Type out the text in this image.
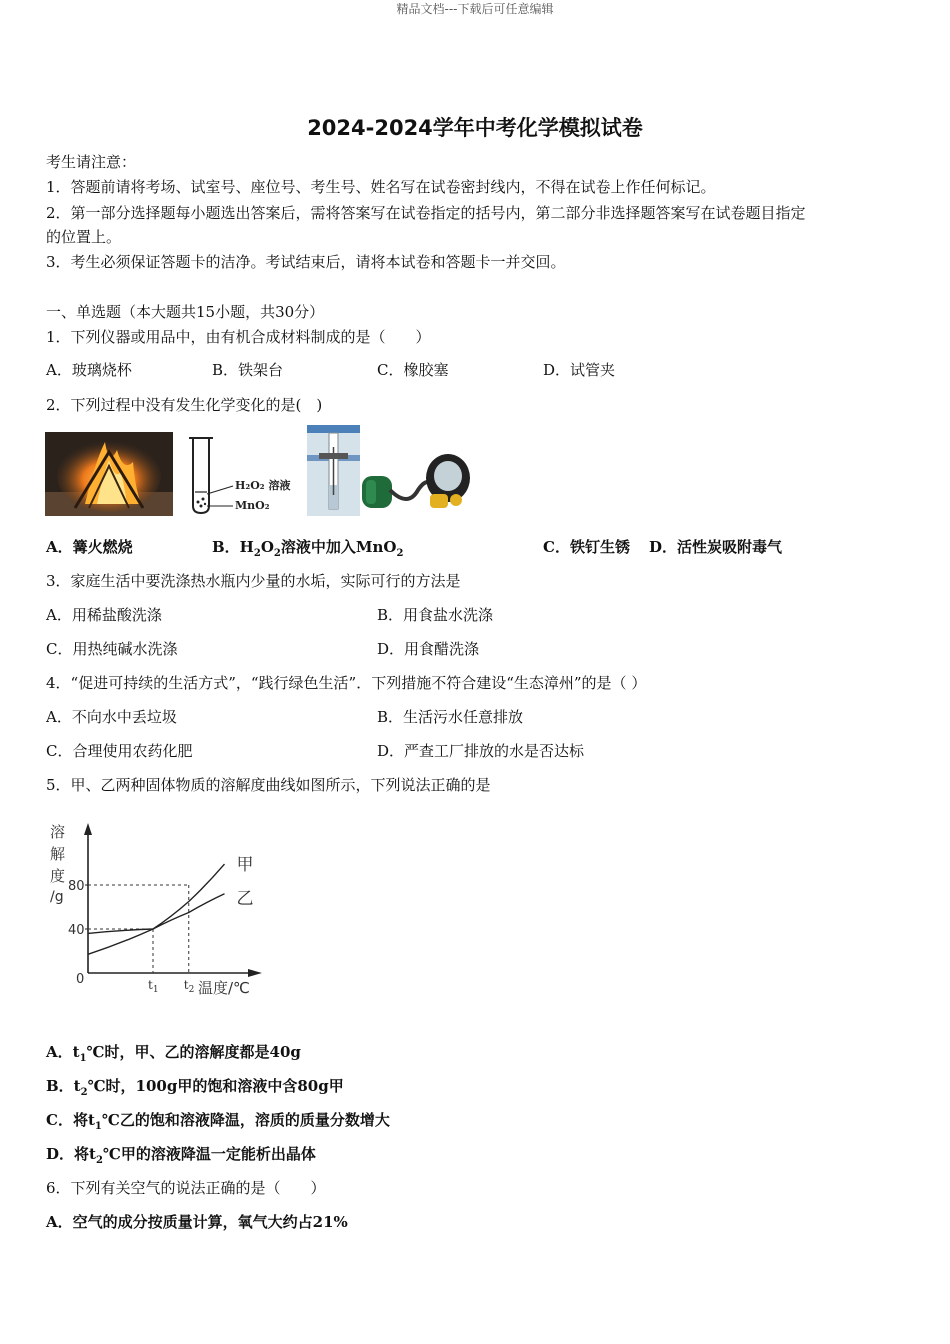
精品文档---下载后可任意编辑
2024-2024学年中考化学模拟试卷
考生请注意：
1．答题前请将考场、试室号、座位号、考生号、姓名写在试卷密封线内，不得在试卷上作任何标记。
2．第一部分选择题每小题选出答案后，需将答案写在试卷指定的括号内，第二部分非选择题答案写在试卷题目指定
的位置上。
3．考生必须保证答题卡的洁净。考试结束后，请将本试卷和答题卡一并交回。
一、单选题（本大题共15小题，共30分）
1．下列仪器或用品中，由有机合成材料制成的是（　　）
A．玻璃烧杯	B．铁架台	C．橡胶塞	D．试管夹
2．下列过程中没有发生化学变化的是(　)
H₂O₂ 溶液
MnO₂
A．篝火燃烧	B．$H_2O_2$溶液中加入MnO$_2$	C．铁钉生锈 D．活性炭吸附毒气
3．家庭生活中要洗涤热水瓶内少量的水垢，实际可行的方法是
A．用稀盐酸洗涤	B．用食盐水洗涤
C．用热纯碱水洗涤	D．用食醋洗涤
4．“促进可持续的生活方式”，“践行绿色生活”．下列措施不符合建设“生态漳州”的是（ ）
A．不向水中丢垃圾	B．生活污水任意排放
C．合理使用农药化肥	D．严查工厂排放的水是否达标
5．甲、乙两种固体物质的溶解度曲线如图所示，下列说法正确的是
溶
解
度
/g
0
40
80
$t_1$ $t_2$ 温度/℃
甲
乙
A．$t_1℃$时，甲、乙的溶解度都是40g
B．$t_2℃$时，100g甲的饱和溶液中含80g甲
C．将$t_1℃$乙的饱和溶液降温，溶质的质量分数增大
D．将$t_2℃$甲的溶液降温一定能析出晶体
6．下列有关空气的说法正确的是（　　）
A．空气的成分按质量计算，氧气大约占21%
